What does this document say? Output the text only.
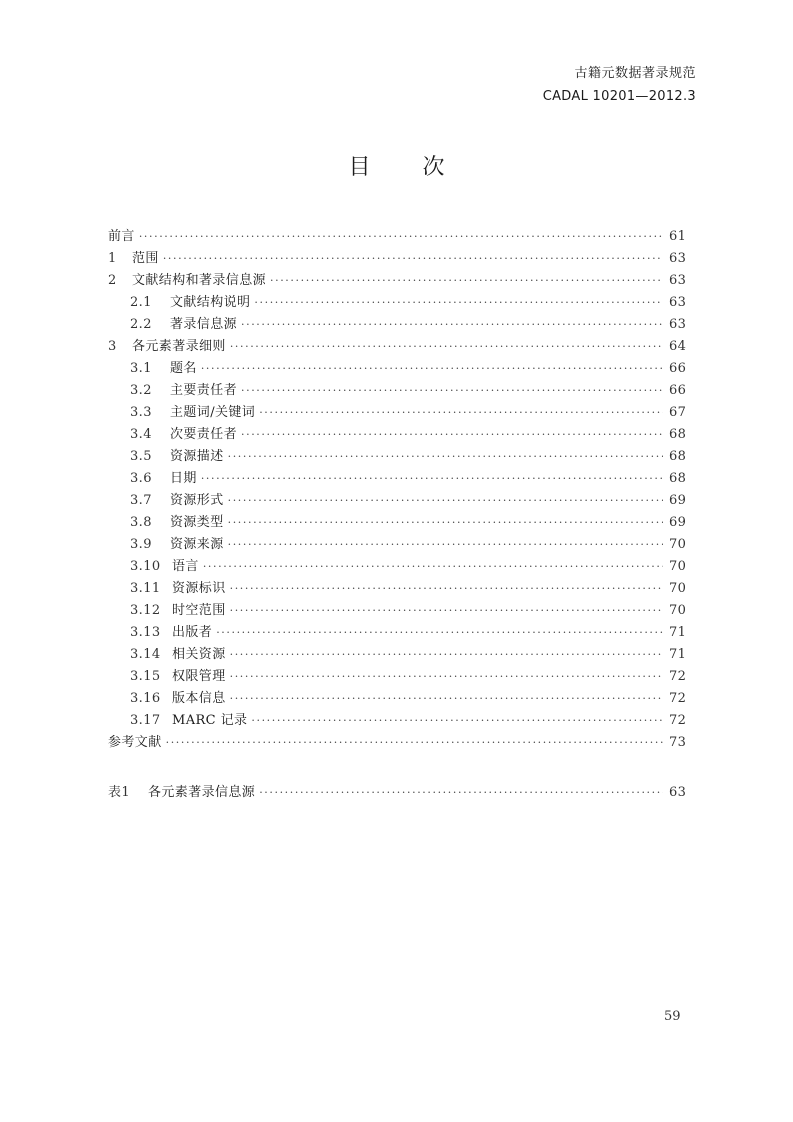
古籍元数据著录规范
CADAL 10201—2012.3
目 次
前言 ·····	61
1	范围 ·····	63
2	文献结构和著录信息源 ·····	63
2.1	文献结构说明 ·····	63
2.2	著录信息源 ·····	63
3	各元素著录细则 ·····	64
3.1	题名 ·····	66
3.2	主要责任者 ·····	66
3.3	主题词/关键词 ·····	67
3.4	次要责任者 ·····	68
3.5	资源描述 ·····	68
3.6	日期 ·····	68
3.7	资源形式 ·····	69
3.8	资源类型 ·····	69
3.9	资源来源 ·····	70
3.10 语言 ·····	70
3.11 资源标识 ·····	70
3.12 时空范围 ·····	70
3.13 出版者 ·····	71
3.14 相关资源 ·····	71
3.15 权限管理 ·····	72
3.16 版本信息 ·····	72
3.17 MARC 记录 ·····	72
参考文献 ·····	73
表1	各元素著录信息源 ·····	63
59
